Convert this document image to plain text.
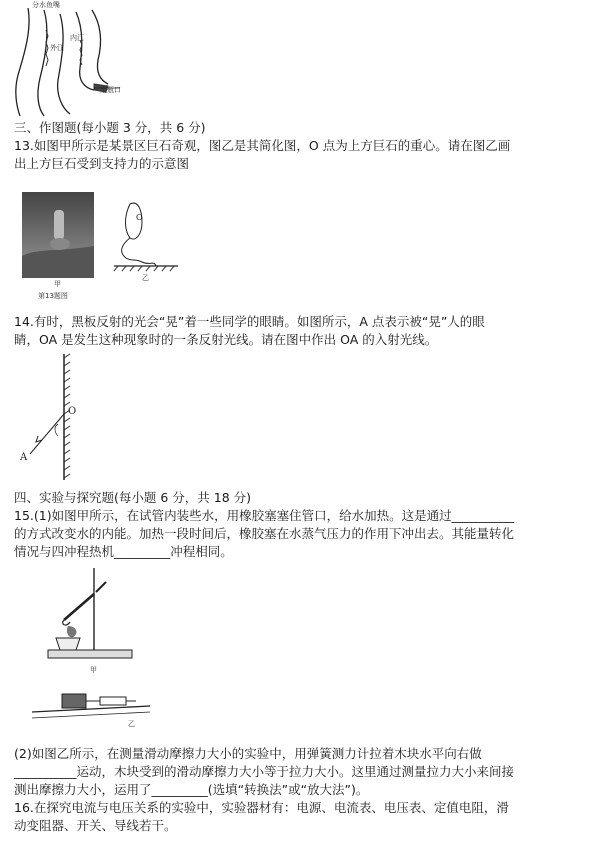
分水鱼嘴
外江
内江
宝瓶口
三、作图题(每小题 3 分，共 6 分)
13.如图甲所示是某景区巨石奇观，图乙是其简化图，O 点为上方巨石的重心。请在图乙画
出上方巨石受到支持力的示意图
甲
第13题图
O
乙
14.有时，黑板反射的光会“晃”着一些同学的眼睛。如图所示，A 点表示被“晃”人的眼
睛，OA 是发生这种现象时的一条反射光线。请在图中作出 OA 的入射光线。
O
A
四、实验与探究题(每小题 6 分，共 18 分)
15.(1)如图甲所示，在试管内装些水，用橡胶塞塞住管口，给水加热。这是通过__________
的方式改变水的内能。加热一段时间后，橡胶塞在水蒸气压力的作用下冲出去。其能量转化
情况与四冲程热机_________冲程相同。
甲
乙
(2)如图乙所示，在测量滑动摩擦力大小的实验中，用弹簧测力计拉着木块水平向右做
__________运动，木块受到的滑动摩擦力大小等于拉力大小。这里通过测量拉力大小来间接
测出摩擦力大小，运用了_________(选填“转换法”或“放大法”)。
16.在探究电流与电压关系的实验中，实验器材有：电源、电流表、电压表、定值电阻，滑
动变阻器、开关、导线若干。
